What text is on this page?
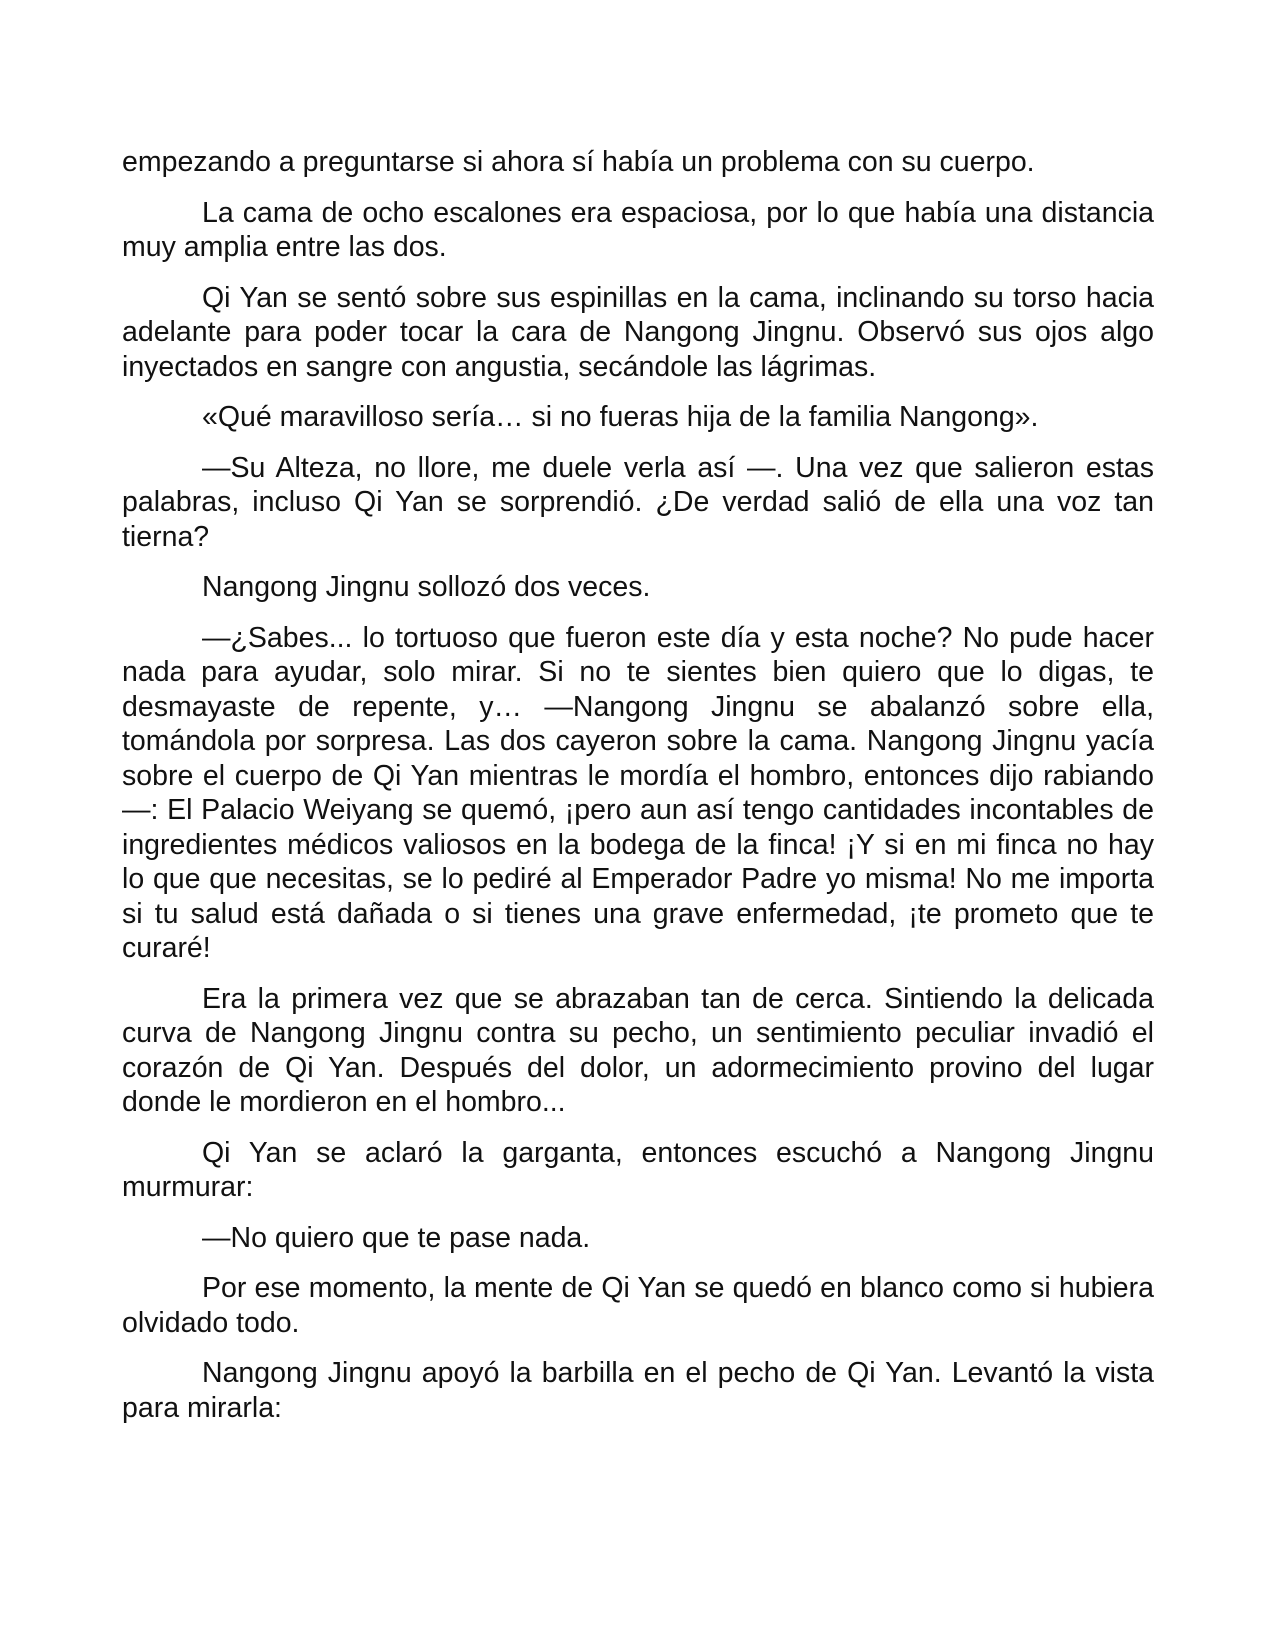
empezando a preguntarse si ahora sí había un problema con su cuerpo.

La cama de ocho escalones era espaciosa, por lo que había una distancia muy amplia entre las dos.

Qi Yan se sentó sobre sus espinillas en la cama, inclinando su torso hacia adelante para poder tocar la cara de Nangong Jingnu. Observó sus ojos algo inyectados en sangre con angustia, secándole las lágrimas.

«Qué maravilloso sería… si no fueras hija de la familia Nangong».

—Su Alteza, no llore, me duele verla así —. Una vez que salieron estas palabras, incluso Qi Yan se sorprendió. ¿De verdad salió de ella una voz tan tierna?

Nangong Jingnu sollozó dos veces.

—¿Sabes... lo tortuoso que fueron este día y esta noche? No pude hacer nada para ayudar, solo mirar. Si no te sientes bien quiero que lo digas, te desmayaste de repente, y… —Nangong Jingnu se abalanzó sobre ella, tomándola por sorpresa. Las dos cayeron sobre la cama. Nangong Jingnu yacía sobre el cuerpo de Qi Yan mientras le mordía el hombro, entonces dijo rabiando—: El Palacio Weiyang se quemó, ¡pero aun así tengo cantidades incontables de ingredientes médicos valiosos en la bodega de la finca! ¡Y si en mi finca no hay lo que que necesitas, se lo pediré al Emperador Padre yo misma! No me importa si tu salud está dañada o si tienes una grave enfermedad, ¡te prometo que te curaré!

Era la primera vez que se abrazaban tan de cerca. Sintiendo la delicada curva de Nangong Jingnu contra su pecho, un sentimiento peculiar invadió el corazón de Qi Yan. Después del dolor, un adormecimiento provino del lugar donde le mordieron en el hombro...

Qi Yan se aclaró la garganta, entonces escuchó a Nangong Jingnu murmurar:

—No quiero que te pase nada.

Por ese momento, la mente de Qi Yan se quedó en blanco como si hubiera olvidado todo.

Nangong Jingnu apoyó la barbilla en el pecho de Qi Yan. Levantó la vista para mirarla:
